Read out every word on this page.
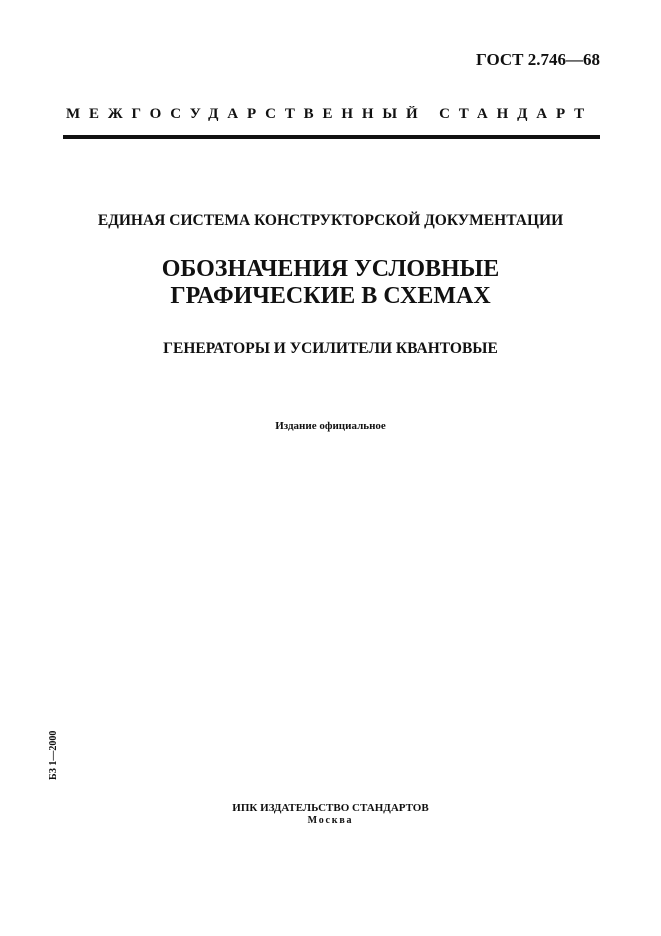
ГОСТ 2.746—68
МЕЖГОСУДАРСТВЕННЫЙ СТАНДАРТ
ЕДИНАЯ СИСТЕМА КОНСТРУКТОРСКОЙ ДОКУМЕНТАЦИИ
ОБОЗНАЧЕНИЯ УСЛОВНЫЕ
ГРАФИЧЕСКИЕ В СХЕМАХ
ГЕНЕРАТОРЫ И УСИЛИТЕЛИ КВАНТОВЫЕ
Издание официальное
БЗ 1—2000
ИПК ИЗДАТЕЛЬСТВО СТАНДАРТОВ
Москва
